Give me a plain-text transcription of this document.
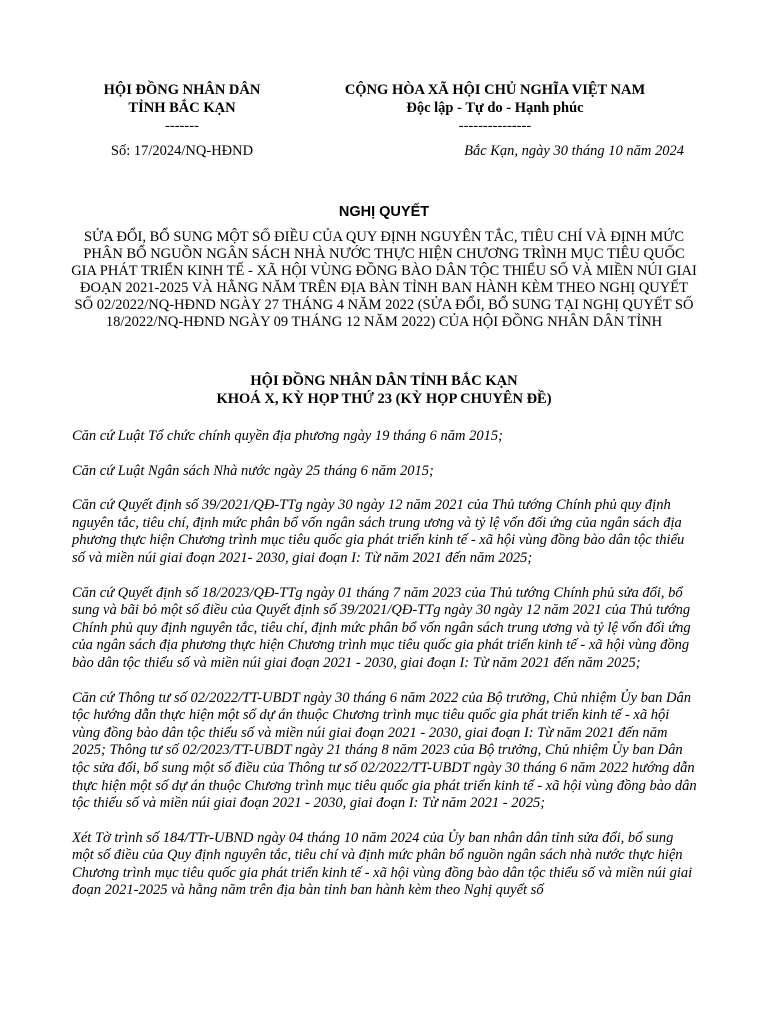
HỘI ĐỒNG NHÂN DÂN
TỈNH BẮC KẠN
-------
CỘNG HÒA XÃ HỘI CHỦ NGHĨA VIỆT NAM
Độc lập - Tự do - Hạnh phúc
---------------
Số: 17/2024/NQ-HĐND	Bắc Kạn, ngày 30 tháng 10 năm 2024
NGHỊ QUYẾT
SỬA ĐỔI, BỔ SUNG MỘT SỐ ĐIỀU CỦA QUY ĐỊNH NGUYÊN TẮC, TIÊU CHÍ VÀ ĐỊNH MỨC PHÂN BỔ NGUỒN NGÂN SÁCH NHÀ NƯỚC THỰC HIỆN CHƯƠNG TRÌNH MỤC TIÊU QUỐC GIA PHÁT TRIỂN KINH TẾ - XÃ HỘI VÙNG ĐỒNG BÀO DÂN TỘC THIỂU SỐ VÀ MIỀN NÚI GIAI ĐOẠN 2021-2025 VÀ HẰNG NĂM TRÊN ĐỊA BÀN TỈNH BAN HÀNH KÈM THEO NGHỊ QUYẾT SỐ 02/2022/NQ-HĐND NGÀY 27 THÁNG 4 NĂM 2022 (SỬA ĐỔI, BỔ SUNG TẠI NGHỊ QUYẾT SỐ 18/2022/NQ-HĐND NGÀY 09 THÁNG 12 NĂM 2022) CỦA HỘI ĐỒNG NHÂN DÂN TỈNH
HỘI ĐỒNG NHÂN DÂN TỈNH BẮC KẠN
KHOÁ X, KỲ HỌP THỨ 23 (KỲ HỌP CHUYÊN ĐỀ)

Căn cứ Luật Tổ chức chính quyền địa phương ngày 19 tháng 6 năm 2015;

Căn cứ Luật Ngân sách Nhà nước ngày 25 tháng 6 năm 2015;

Căn cứ Quyết định số 39/2021/QĐ-TTg ngày 30 ngày 12 năm 2021 của Thủ tướng Chính phủ quy định nguyên tắc, tiêu chí, định mức phân bổ vốn ngân sách trung ương và tỷ lệ vốn đối ứng của ngân sách địa phương thực hiện Chương trình mục tiêu quốc gia phát triển kinh tế - xã hội vùng đồng bào dân tộc thiểu số và miền núi giai đoạn 2021- 2030, giai đoạn I: Từ năm 2021 đến năm 2025;

Căn cứ Quyết định số 18/2023/QĐ-TTg ngày 01 tháng 7 năm 2023 của Thủ tướng Chính phủ sửa đổi, bổ sung và bãi bỏ một số điều của Quyết định số 39/2021/QĐ-TTg ngày 30 ngày 12 năm 2021 của Thủ tướng Chính phủ quy định nguyên tắc, tiêu chí, định mức phân bổ vốn ngân sách trung ương và tỷ lệ vốn đối ứng của ngân sách địa phương thực hiện Chương trình mục tiêu quốc gia phát triển kinh tế - xã hội vùng đồng bào dân tộc thiểu số và miền núi giai đoạn 2021 - 2030, giai đoạn I: Từ năm 2021 đến năm 2025;

Căn cứ Thông tư số 02/2022/TT-UBDT ngày 30 tháng 6 năm 2022 của Bộ trưởng, Chủ nhiệm Ủy ban Dân tộc hướng dẫn thực hiện một số dự án thuộc Chương trình mục tiêu quốc gia phát triển kinh tế - xã hội vùng đồng bào dân tộc thiểu số và miền núi giai đoạn 2021 - 2030, giai đoạn I: Từ năm 2021 đến năm 2025; Thông tư số 02/2023/TT-UBDT ngày 21 tháng 8 năm 2023 của Bộ trưởng, Chủ nhiệm Ủy ban Dân tộc sửa đổi, bổ sung một số điều của Thông tư số 02/2022/TT-UBDT ngày 30 tháng 6 năm 2022 hướng dẫn thực hiện một số dự án thuộc Chương trình mục tiêu quốc gia phát triển kinh tế - xã hội vùng đồng bào dân tộc thiểu số và miền núi giai đoạn 2021 - 2030, giai đoạn I: Từ năm 2021 - 2025;

Xét Tờ trình số 184/TTr-UBND ngày 04 tháng 10 năm 2024 của Ủy ban nhân dân tỉnh sửa đổi, bổ sung một số điều của Quy định nguyên tắc, tiêu chí và định mức phân bổ nguồn ngân sách nhà nước thực hiện Chương trình mục tiêu quốc gia phát triển kinh tế - xã hội vùng đồng bào dân tộc thiểu số và miền núi giai đoạn 2021-2025 và hằng năm trên địa bàn tỉnh ban hành kèm theo Nghị quyết số
